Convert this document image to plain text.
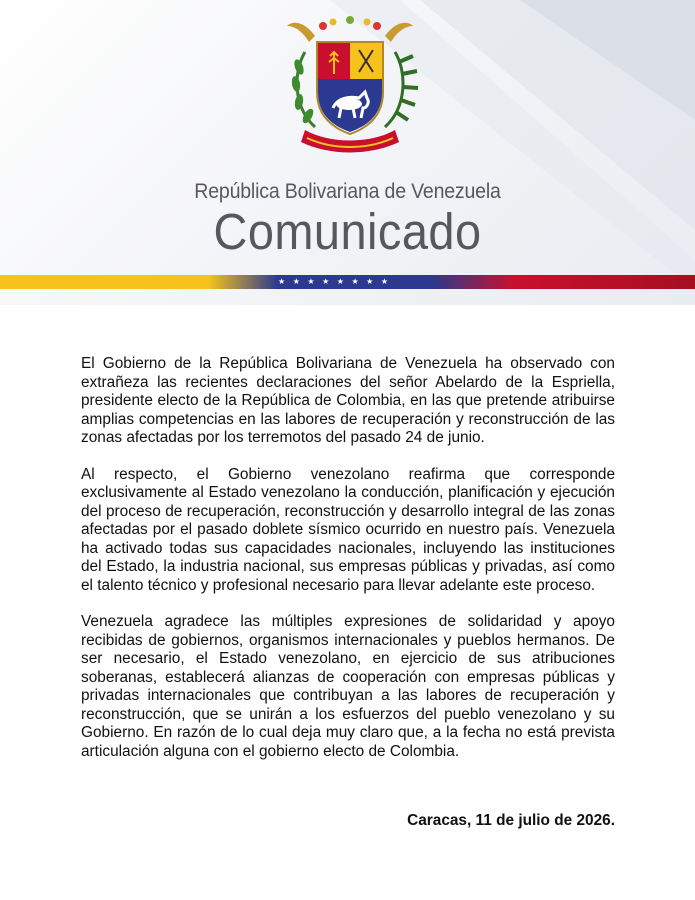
República Bolivariana de Venezuela
Comunicado
★ ★ ★ ★ ★ ★ ★ ★

El Gobierno de la República Bolivariana de Venezuela ha observado con extrañeza las recientes declaraciones del señor Abelardo de la Espriella, presidente electo de la República de Colombia, en las que pretende atribuirse amplias competencias en las labores de recuperación y reconstrucción de las zonas afectadas por los terremotos del pasado 24 de junio.

Al respecto, el Gobierno venezolano reafirma que corresponde exclusivamente al Estado venezolano la conducción, planificación y ejecución del proceso de recuperación, reconstrucción y desarrollo integral de las zonas afectadas por el pasado doblete sísmico ocurrido en nuestro país. Venezuela ha activado todas sus capacidades nacionales, incluyendo las instituciones del Estado, la industria nacional, sus empresas públicas y privadas, así como el talento técnico y profesional necesario para llevar adelante este proceso.

Venezuela agradece las múltiples expresiones de solidaridad y apoyo recibidas de gobiernos, organismos internacionales y pueblos hermanos. De ser necesario, el Estado venezolano, en ejercicio de sus atribuciones soberanas, establecerá alianzas de cooperación con empresas públicas y privadas internacionales que contribuyan a las labores de recuperación y reconstrucción, que se unirán a los esfuerzos del pueblo venezolano y su Gobierno. En razón de lo cual deja muy claro que, a la fecha no está prevista articulación alguna con el gobierno electo de Colombia.

Caracas, 11 de julio de 2026.
